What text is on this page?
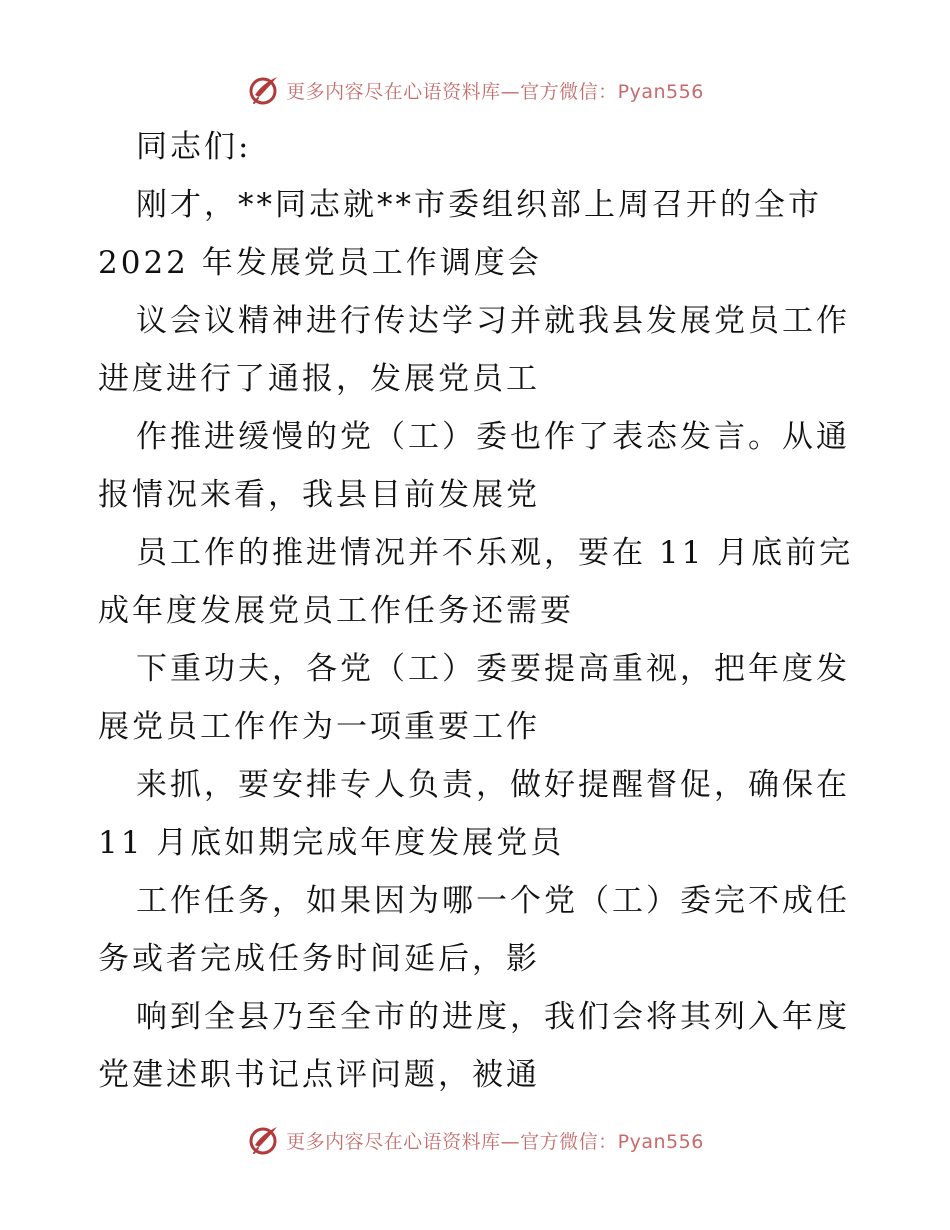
更多内容尽在心语资料库—官方微信：Pyan556

同志们:

刚才，**同志就**市委组织部上周召开的全市

2022 年发展党员工作调度会

议会议精神进行传达学习并就我县发展党员工作

进度进行了通报，发展党员工

作推进缓慢的党（工）委也作了表态发言。从通

报情况来看，我县目前发展党

员工作的推进情况并不乐观，要在 11 月底前完

成年度发展党员工作任务还需要

下重功夫，各党（工）委要提高重视，把年度发

展党员工作作为一项重要工作

来抓，要安排专人负责，做好提醒督促，确保在

11 月底如期完成年度发展党员

工作任务，如果因为哪一个党（工）委完不成任

务或者完成任务时间延后，影

响到全县乃至全市的进度，我们会将其列入年度

党建述职书记点评问题，被通

更多内容尽在心语资料库—官方微信：Pyan556
